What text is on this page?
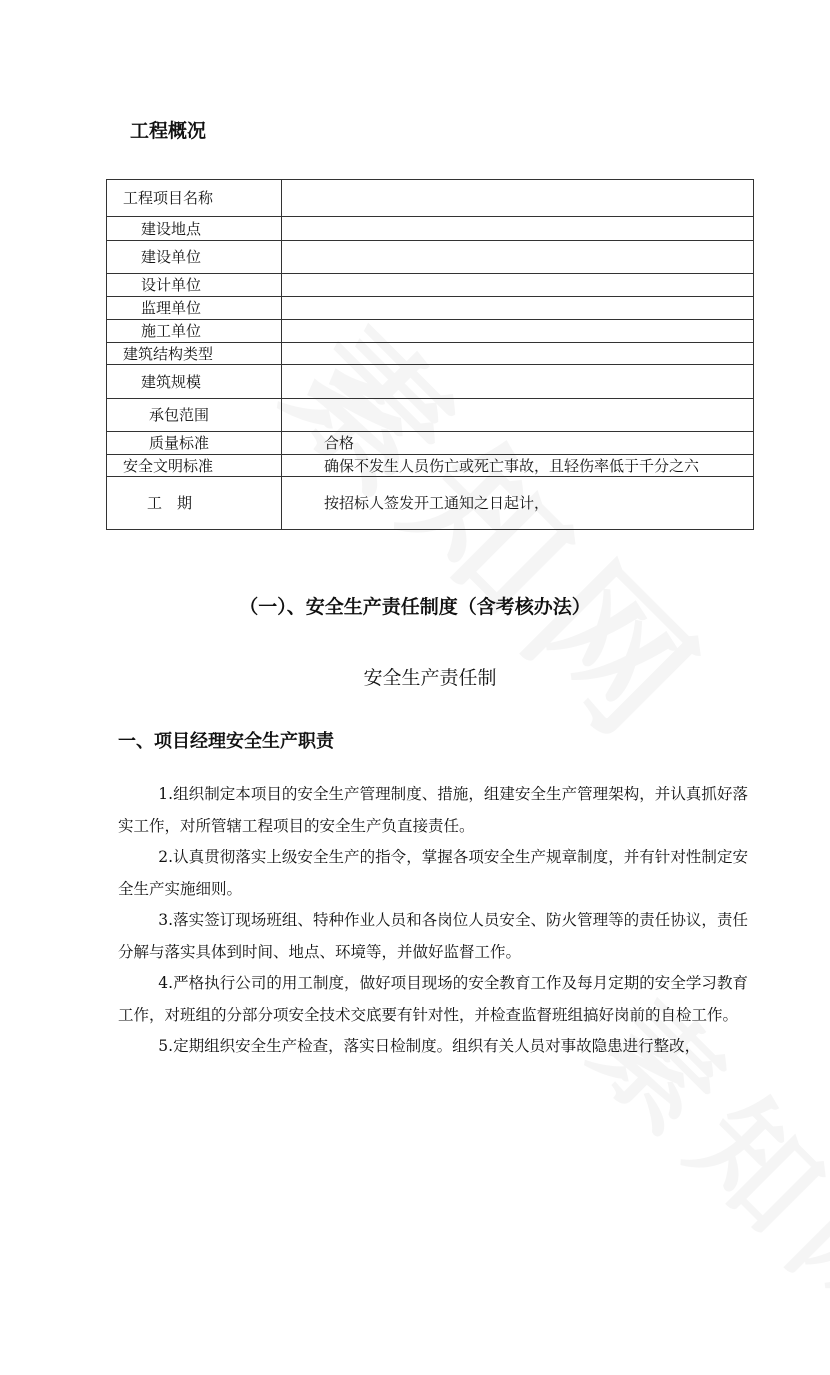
工程概况
工程项目名称	
建设地点	
建设单位	
设计单位	
监理单位	
施工单位	
建筑结构类型	
建筑规模	
承包范围	
质量标准	合格
安全文明标准	确保不发生人员伤亡或死亡事故，且轻伤率低于千分之六
工　期	按招标人签发开工通知之日起计，
（一）、安全生产责任制度（含考核办法）
安全生产责任制
一、项目经理安全生产职责

1.组织制定本项目的安全生产管理制度、措施，组建安全生产管理架构，并认真抓好落实工作，对所管辖工程项目的安全生产负直接责任。

2.认真贯彻落实上级安全生产的指令，掌握各项安全生产规章制度，并有针对性制定安全生产实施细则。

3.落实签订现场班组、特种作业人员和各岗位人员安全、防火管理等的责任协议，责任分解与落实具体到时间、地点、环境等，并做好监督工作。

4.严格执行公司的用工制度，做好项目现场的安全教育工作及每月定期的安全学习教育工作，对班组的分部分项安全技术交底要有针对性，并检查监督班组搞好岗前的自检工作。

5.定期组织安全生产检查，落实日检制度。组织有关人员对事故隐患进行整改，
